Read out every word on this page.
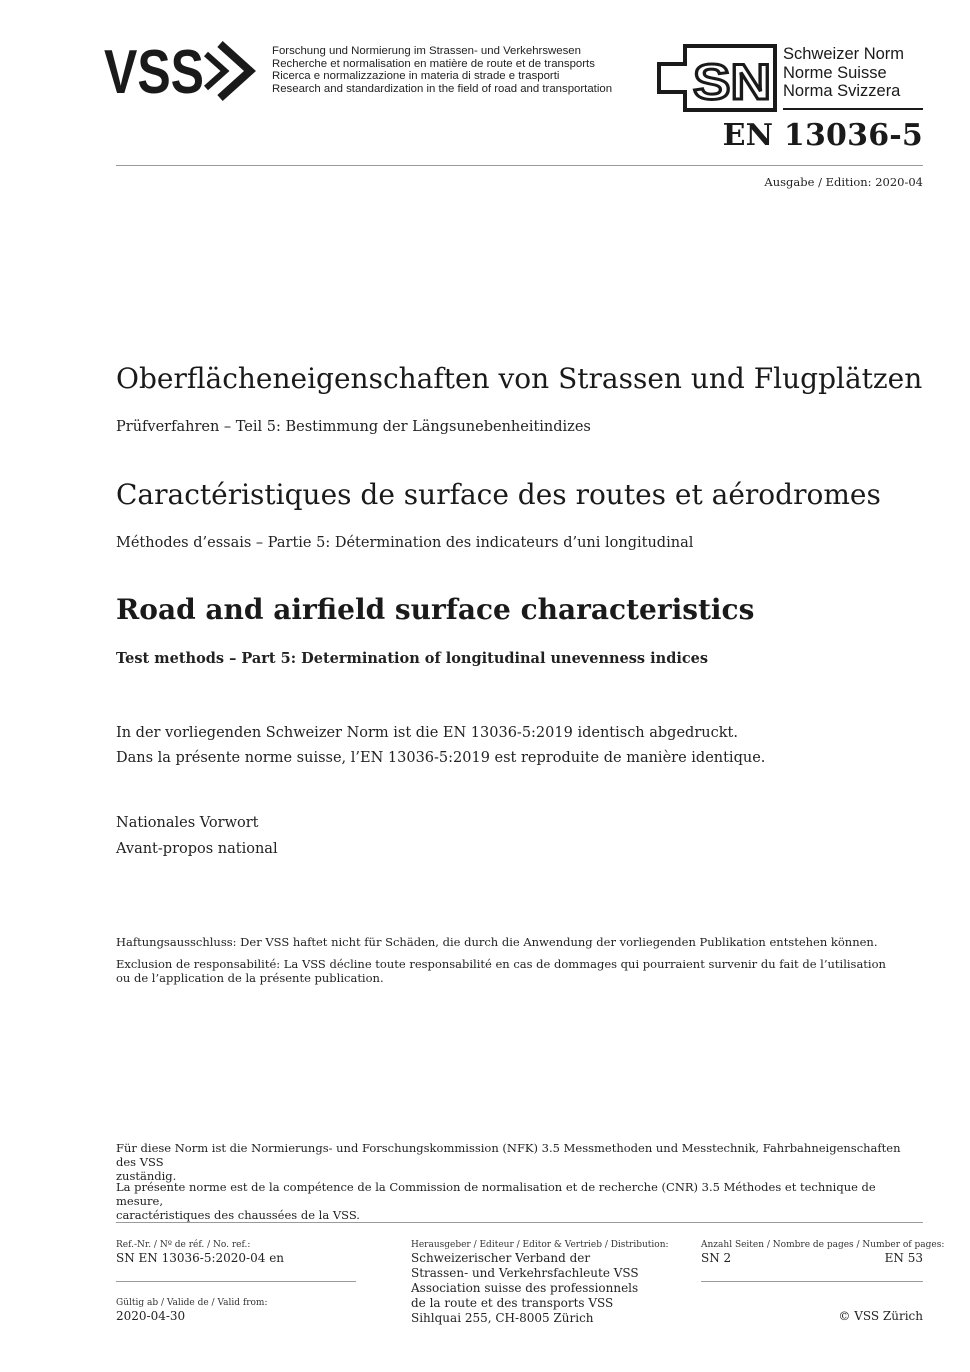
VSS	Forschung und Normierung im Strassen- und Verkehrswesen
Recherche et normalisation en matière de route et de transports
Ricerca e normalizzazione in materia di strade e trasporti
Research and standardization in the field of road and transportation SN Schweizer Norm
Norme Suisse
Norma Svizzera
EN 13036-5
Ausgabe / Edition: 2020-04
Oberflächeneigenschaften von Strassen und Flugplätzen
Prüfverfahren – Teil 5: Bestimmung der Längsunebenheitindizes
Caractéristiques de surface des routes et aérodromes
Méthodes d’essais – Partie 5: Détermination des indicateurs d’uni longitudinal
Road and airfield surface characteristics
Test methods – Part 5: Determination of longitudinal unevenness indices
In der vorliegenden Schweizer Norm ist die EN 13036-5:2019 identisch abgedruckt.
Dans la présente norme suisse, l’EN 13036-5:2019 est reproduite de manière identique.
Nationales Vorwort
Avant-propos national
Haftungsausschluss: Der VSS haftet nicht für Schäden, die durch die Anwendung der vorliegenden Publikation entstehen können.
Exclusion de responsabilité: La VSS décline toute responsabilité en cas de dommages qui pourraient survenir du fait de l’utilisation
ou de l’application de la présente publication.
Für diese Norm ist die Normierungs- und Forschungskommission (NFK) 3.5 Messmethoden und Messtechnik, Fahrbahneigenschaften des VSS
zuständig.
La présente norme est de la compétence de la Commission de normalisation et de recherche (CNR) 3.5 Méthodes et technique de mesure,
caractéristiques des chaussées de la VSS.
Ref.-Nr. / Nº de réf. / No. ref.:
SN EN 13036-5:2020-04 en
Gültig ab / Valide de / Valid from:
2020-04-30
Herausgeber / Editeur / Editor & Vertrieb / Distribution:
Schweizerischer Verband der
Strassen- und Verkehrsfachleute VSS
Association suisse des professionnels
de la route et des transports VSS
Sihlquai 255, CH-8005 Zürich
Anzahl Seiten / Nombre de pages / Number of pages:
SN 2	EN 53
© VSS Zürich
